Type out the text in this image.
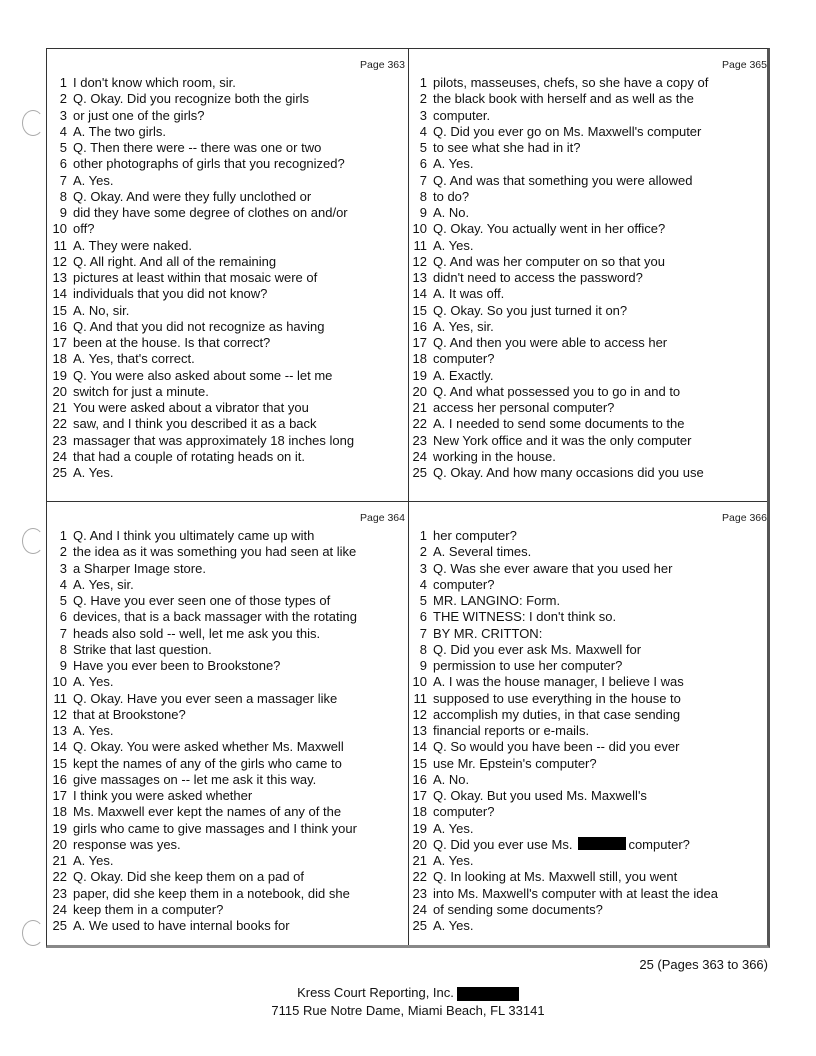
Page 363
1 I don't know which room, sir.
2 Q. Okay. Did you recognize both the girls
3 or just one of the girls?
4 A. The two girls.
5 Q. Then there were -- there was one or two
6 other photographs of girls that you recognized?
7 A. Yes.
8 Q. Okay. And were they fully unclothed or
9 did they have some degree of clothes on and/or
10 off?
11 A. They were naked.
12 Q. All right. And all of the remaining
13 pictures at least within that mosaic were of
14 individuals that you did not know?
15 A. No, sir.
16 Q. And that you did not recognize as having
17 been at the house. Is that correct?
18 A. Yes, that's correct.
19 Q. You were also asked about some -- let me
20 switch for just a minute.
21 You were asked about a vibrator that you
22 saw, and I think you described it as a back
23 massager that was approximately 18 inches long
24 that had a couple of rotating heads on it.
25 A. Yes.
Page 365
1 pilots, masseuses, chefs, so she have a copy of
2 the black book with herself and as well as the
3 computer.
4 Q. Did you ever go on Ms. Maxwell's computer
5 to see what she had in it?
6 A. Yes.
7 Q. And was that something you were allowed
8 to do?
9 A. No.
10 Q. Okay. You actually went in her office?
11 A. Yes.
12 Q. And was her computer on so that you
13 didn't need to access the password?
14 A. It was off.
15 Q. Okay. So you just turned it on?
16 A. Yes, sir.
17 Q. And then you were able to access her
18 computer?
19 A. Exactly.
20 Q. And what possessed you to go in and to
21 access her personal computer?
22 A. I needed to send some documents to the
23 New York office and it was the only computer
24 working in the house.
25 Q. Okay. And how many occasions did you use
Page 364
1 Q. And I think you ultimately came up with
2 the idea as it was something you had seen at like
3 a Sharper Image store.
4 A. Yes, sir.
5 Q. Have you ever seen one of those types of
6 devices, that is a back massager with the rotating
7 heads also sold -- well, let me ask you this.
8 Strike that last question.
9 Have you ever been to Brookstone?
10 A. Yes.
11 Q. Okay. Have you ever seen a massager like
12 that at Brookstone?
13 A. Yes.
14 Q. Okay. You were asked whether Ms. Maxwell
15 kept the names of any of the girls who came to
16 give massages on -- let me ask it this way.
17 I think you were asked whether
18 Ms. Maxwell ever kept the names of any of the
19 girls who came to give massages and I think your
20 response was yes.
21 A. Yes.
22 Q. Okay. Did she keep them on a pad of
23 paper, did she keep them in a notebook, did she
24 keep them in a computer?
25 A. We used to have internal books for
Page 366
1 her computer?
2 A. Several times.
3 Q. Was she ever aware that you used her
4 computer?
5 MR. LANGINO: Form.
6 THE WITNESS: I don't think so.
7 BY MR. CRITTON:
8 Q. Did you ever ask Ms. Maxwell for
9 permission to use her computer?
10 A. I was the house manager, I believe I was
11 supposed to use everything in the house to
12 accomplish my duties, in that case sending
13 financial reports or e-mails.
14 Q. So would you have been -- did you ever
15 use Mr. Epstein's computer?
16 A. No.
17 Q. Okay. But you used Ms. Maxwell's
18 computer?
19 A. Yes.
20 Q. Did you ever use Ms.	computer?
21 A. Yes.
22 Q. In looking at Ms. Maxwell still, you went
23 into Ms. Maxwell's computer with at least the idea
24 of sending some documents?
25 A. Yes.
25 (Pages 363 to 366)
Kress Court Reporting, Inc.
7115 Rue Notre Dame, Miami Beach, FL 33141
